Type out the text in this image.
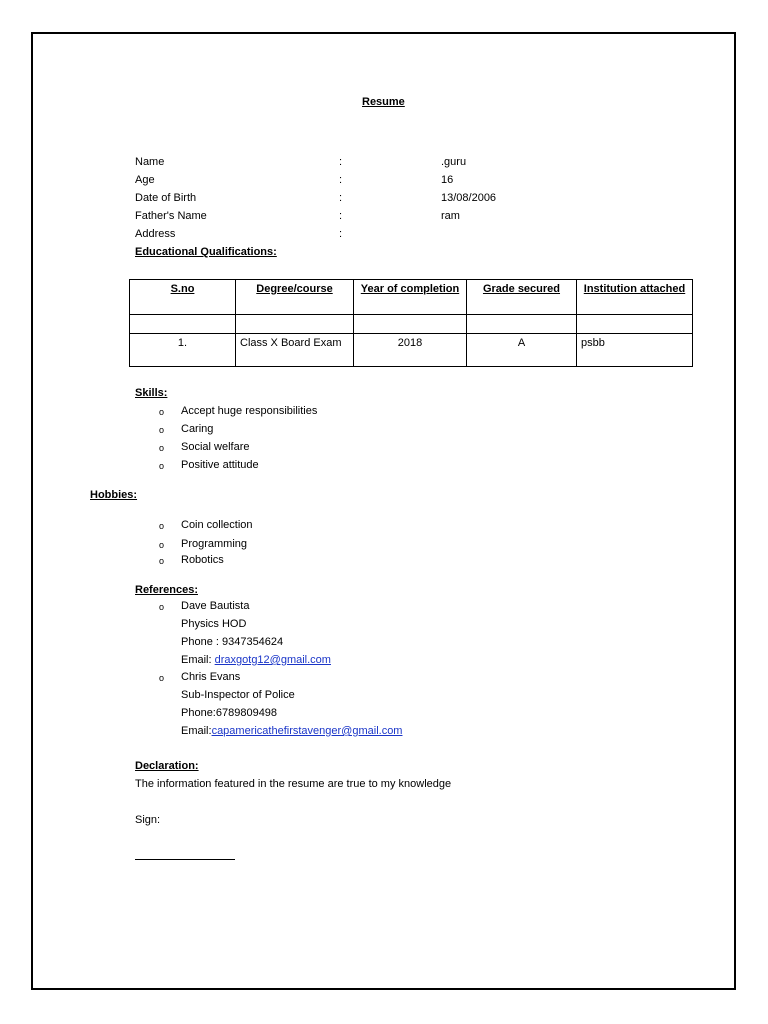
Resume
Name	:	.guru
Age	:	16
Date of Birth	:	13/08/2006
Father's Name	:	ram
Address	:
Educational Qualifications:
S.no	Degree/course	Year of completion	Grade secured	Institution attached

1.	Class X Board Exam	2018	A	psbb
Skills:
o Accept huge responsibilities
o Caring
o Social welfare
o Positive attitude
Hobbies:
o Coin collection
o Programming
o Robotics
References:
o Dave Bautista
Physics HOD
Phone : 9347354624
Email: draxgotg12@gmail.com
o Chris Evans
Sub-Inspector of Police
Phone:6789809498
Email:capamericathefirstavenger@gmail.com
Declaration:
The information featured in the resume are true to my knowledge
Sign:
